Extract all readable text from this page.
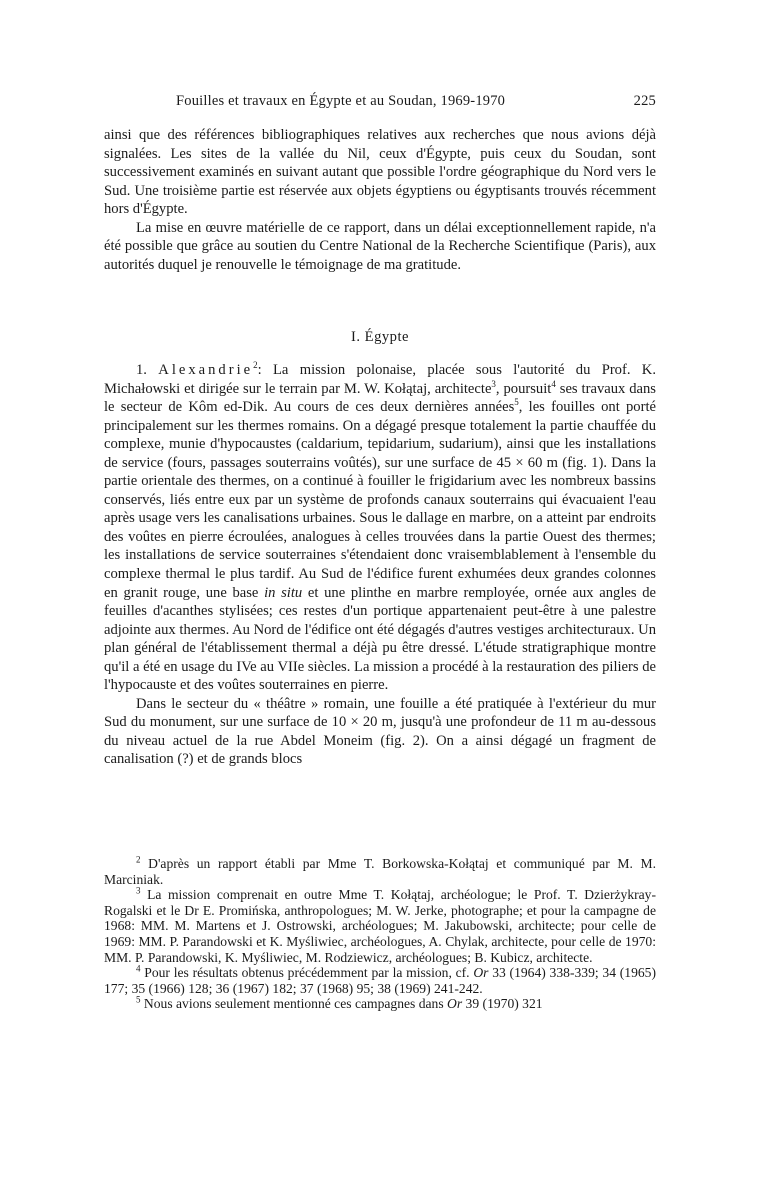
Fouilles et travaux en Égypte et au Soudan, 1969-1970	225

ainsi que des références bibliographiques relatives aux recherches que nous avions déjà signalées. Les sites de la vallée du Nil, ceux d'Égypte, puis ceux du Soudan, sont successivement examinés en suivant autant que possible l'ordre géographique du Nord vers le Sud. Une troisième partie est réservée aux objets égyptiens ou égyptisants trouvés récemment hors d'Égypte.

La mise en œuvre matérielle de ce rapport, dans un délai exceptionnellement rapide, n'a été possible que grâce au soutien du Centre National de la Recherche Scientifique (Paris), aux autorités duquel je renouvelle le témoignage de ma gratitude.

I. Égypte

1. Alexandrie$^2$: La mission polonaise, placée sous l'autorité du Prof. K. Michałowski et dirigée sur le terrain par M. W. Kołątaj, architecte$^3$, poursuit$^4$ ses travaux dans le secteur de Kôm ed-Dik. Au cours de ces deux dernières années$^5$, les fouilles ont porté principalement sur les thermes romains. On a dégagé presque totalement la partie chauffée du complexe, munie d'hypocaustes (caldarium, tepidarium, sudarium), ainsi que les installations de service (fours, passages souterrains voûtés), sur une surface de 45 × 60 m (fig. 1). Dans la partie orientale des thermes, on a continué à fouiller le frigidarium avec les nombreux bassins conservés, liés entre eux par un système de profonds canaux souterrains qui évacuaient l'eau après usage vers les canalisations urbaines. Sous le dallage en marbre, on a atteint par endroits des voûtes en pierre écroulées, analogues à celles trouvées dans la partie Ouest des thermes; les installations de service souterraines s'étendaient donc vraisemblablement à l'ensemble du complexe thermal le plus tardif. Au Sud de l'édifice furent exhumées deux grandes colonnes en granit rouge, une base in situ et une plinthe en marbre remployée, ornée aux angles de feuilles d'acanthes stylisées; ces restes d'un portique appartenaient peut-être à une palestre adjointe aux thermes. Au Nord de l'édifice ont été dégagés d'autres vestiges architecturaux. Un plan général de l'établissement thermal a déjà pu être dressé. L'étude stratigraphique montre qu'il a été en usage du IVe au VIIe siècles. La mission a procédé à la restauration des piliers de l'hypocauste et des voûtes souterraines en pierre.

Dans le secteur du « théâtre » romain, une fouille a été pratiquée à l'extérieur du mur Sud du monument, sur une surface de 10 × 20 m, jusqu'à une profondeur de 11 m au-dessous du niveau actuel de la rue Abdel Moneim (fig. 2). On a ainsi dégagé un fragment de canalisation (?) et de grands blocs

$^2$ D'après un rapport établi par Mme T. Borkowska-Kołątaj et communiqué par M. M. Marciniak.

$^3$ La mission comprenait en outre Mme T. Kołątaj, archéologue; le Prof. T. Dzierżykray-Rogalski et le Dr E. Promińska, anthropologues; M. W. Jerke, photographe; et pour la campagne de 1968: MM. M. Martens et J. Ostrowski, archéologues; M. Jakubowski, architecte; pour celle de 1969: MM. P. Parandowski et K. Myśliwiec, archéologues, A. Chylak, architecte, pour celle de 1970: MM. P. Parandowski, K. Myśliwiec, M. Rodziewicz, archéologues; B. Kubicz, architecte.

$^4$ Pour les résultats obtenus précédemment par la mission, cf. Or 33 (1964) 338-339; 34 (1965) 177; 35 (1966) 128; 36 (1967) 182; 37 (1968) 95; 38 (1969) 241-242.

$^5$ Nous avions seulement mentionné ces campagnes dans Or 39 (1970) 321
